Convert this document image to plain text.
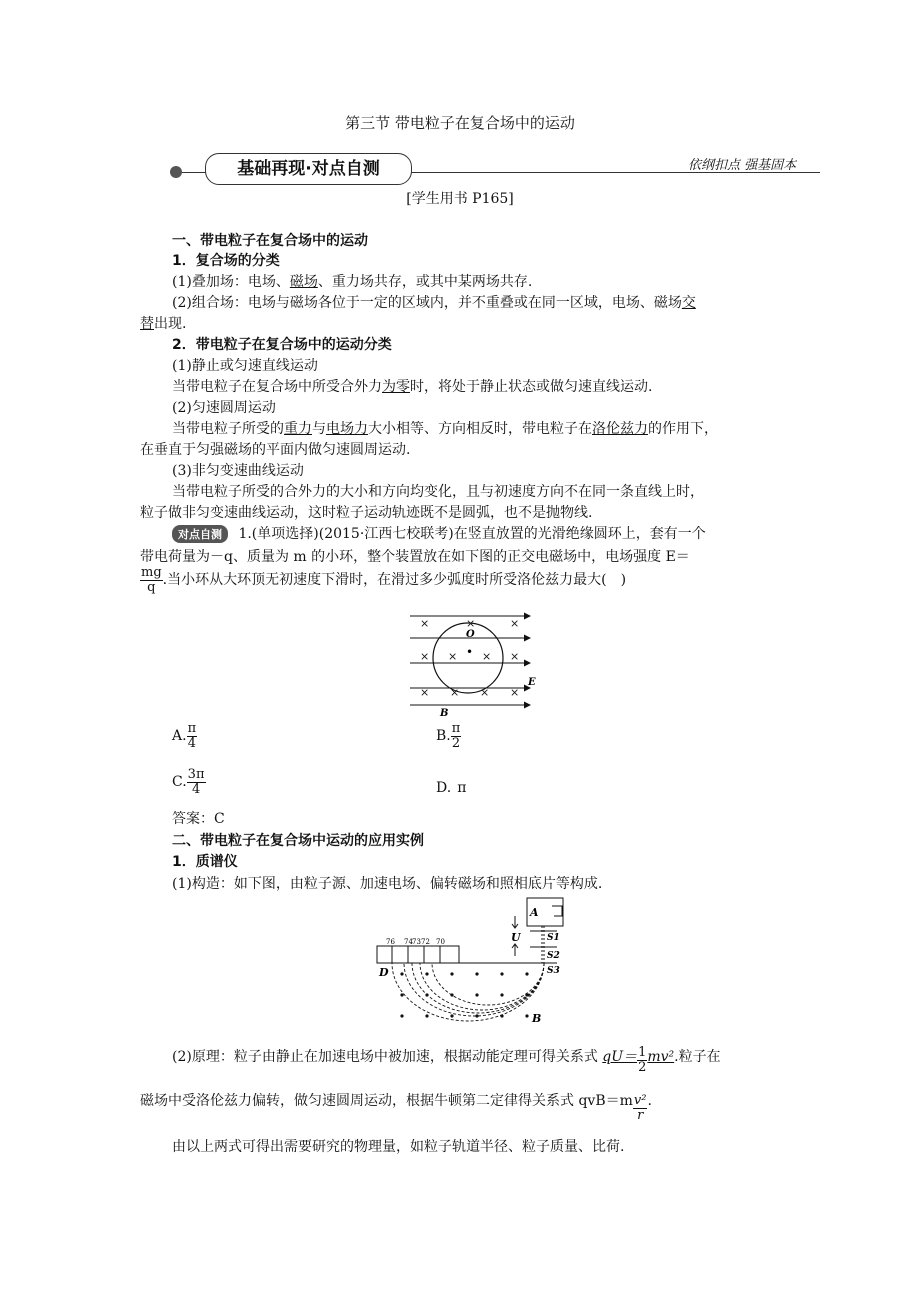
第三节 带电粒子在复合场中的运动
基础再现·对点自测	依纲扣点 强基固本
[学生用书 P165]
一、带电粒子在复合场中的运动
1．复合场的分类
(1)叠加场：电场、磁场、重力场共存，或其中某两场共存.
(2)组合场：电场与磁场各位于一定的区域内，并不重叠或在同一区域，电场、磁场交
替出现.
2．带电粒子在复合场中的运动分类
(1)静止或匀速直线运动
当带电粒子在复合场中所受合外力为零时，将处于静止状态或做匀速直线运动.
(2)匀速圆周运动
当带电粒子所受的重力与电场力大小相等、方向相反时，带电粒子在洛伦兹力的作用下，
在垂直于匀强磁场的平面内做匀速圆周运动.
(3)非匀变速曲线运动
当带电粒子所受的合外力的大小和方向均变化，且与初速度方向不在同一条直线上时，
粒子做非匀变速曲线运动，这时粒子运动轨迹既不是圆弧，也不是抛物线.
对点自测 1.(单项选择)(2015·江西七校联考)在竖直放置的光滑绝缘圆环上，套有一个
带电荷量为－q、质量为 m 的小环，整个装置放在如下图的正交电磁场中，电场强度 E＝
$\frac{mg}{q}$ .当小环从大环顶无初速度下滑时，在滑过多少弧度时所受洛伦兹力最大(　)
×	×	×
× × × ×
× × × ×
•
O
E
B
A. $\frac{\pi}{4}$	B. $\frac{\pi}{2}$
C. $\frac{3\pi}{4}$	D. π
答案：C
二、带电粒子在复合场中运动的应用实例
1．质谱仪
(1)构造：如下图，由粒子源、加速电场、偏转磁场和照相底片等构成.
A
U	S1
S2
S3
76 74 73 72 70
D
B
(2)原理：粒子由静止在加速电场中被加速，根据动能定理可得关系式 $qU= \frac{1}{2} mv^2$.粒子在
磁场中受洛伦兹力偏转，做匀速圆周运动，根据牛顿第二定律得关系式 $qvB=m \frac{\text{v²}}{r}$ .
由以上两式可得出需要研究的物理量，如粒子轨道半径、粒子质量、比荷.
